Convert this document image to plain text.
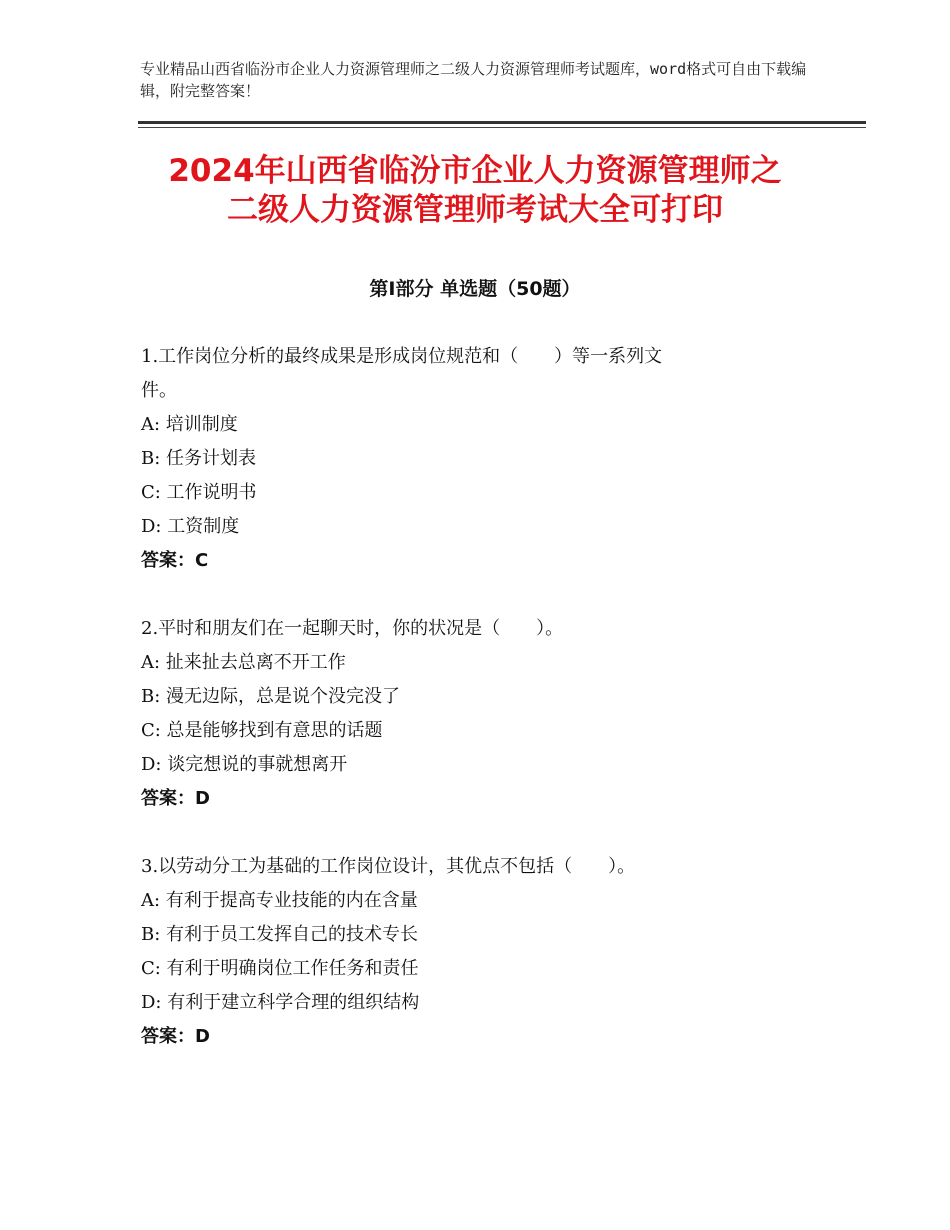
专业精品山西省临汾市企业人力资源管理师之二级人力资源管理师考试题库，word格式可自由下载编辑，附完整答案！
2024年山西省临汾市企业人力资源管理师之
二级人力资源管理师考试大全可打印
第Ⅰ部分 单选题（50题）
1.工作岗位分析的最终成果是形成岗位规范和（　　）等一系列文
件。
A: 培训制度
B: 任务计划表
C: 工作说明书
D: 工资制度
答案：C
2.平时和朋友们在一起聊天时，你的状况是（　　）。
A: 扯来扯去总离不开工作
B: 漫无边际，总是说个没完没了
C: 总是能够找到有意思的话题
D: 谈完想说的事就想离开
答案：D
3.以劳动分工为基础的工作岗位设计，其优点不包括（　　）。
A: 有利于提高专业技能的内在含量
B: 有利于员工发挥自己的技术专长
C: 有利于明确岗位工作任务和责任
D: 有利于建立科学合理的组织结构
答案：D
